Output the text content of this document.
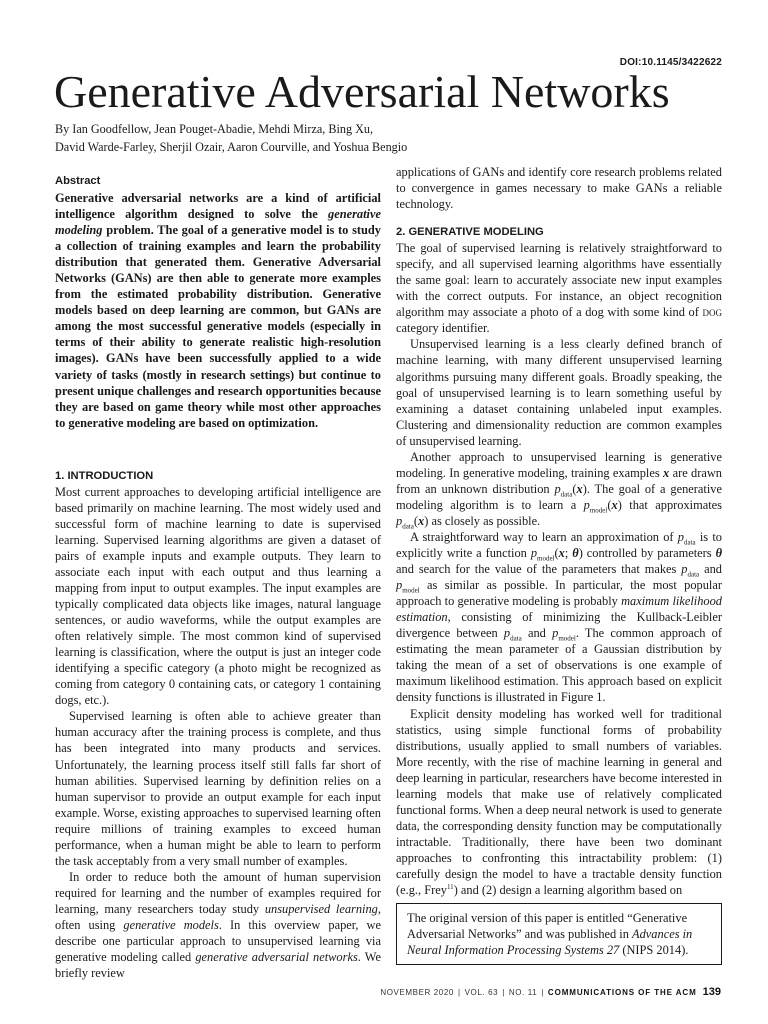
DOI:10.1145/3422622
Generative Adversarial Networks
By Ian Goodfellow, Jean Pouget-Abadie, Mehdi Mirza, Bing Xu,
David Warde-Farley, Sherjil Ozair, Aaron Courville, and Yoshua Bengio
Abstract

Generative adversarial networks are a kind of artificial intelligence algorithm designed to solve the generative modeling problem. The goal of a generative model is to study a collection of training examples and learn the probability distribution that generated them. Generative Adversarial Networks (GANs) are then able to generate more examples from the estimated probability distribution. Generative models based on deep learning are common, but GANs are among the most successful generative models (especially in terms of their ability to generate realistic high-resolution images). GANs have been successfully applied to a wide variety of tasks (mostly in research settings) but continue to present unique challenges and research opportunities because they are based on game theory while most other approaches to generative modeling are based on optimization.

1. INTRODUCTION

Most current approaches to developing artificial intelligence are based primarily on machine learning. The most widely used and successful form of machine learning to date is supervised learning. Supervised learning algorithms are given a dataset of pairs of example inputs and example outputs. They learn to associate each input with each output and thus learning a mapping from input to output examples. The input examples are typically complicated data objects like images, natural language sentences, or audio waveforms, while the output examples are often relatively simple. The most common kind of supervised learning is classification, where the output is just an integer code identifying a specific category (a photo might be recognized as coming from category 0 containing cats, or category 1 containing dogs, etc.).

Supervised learning is often able to achieve greater than human accuracy after the training process is complete, and thus has been integrated into many products and services. Unfortunately, the learning process itself still falls far short of human abilities. Supervised learning by definition relies on a human supervisor to provide an output example for each input example. Worse, existing approaches to supervised learning often require millions of training examples to exceed human performance, when a human might be able to learn to perform the task acceptably from a very small number of examples.

In order to reduce both the amount of human supervision required for learning and the number of examples required for learning, many researchers today study unsupervised learning, often using generative models. In this overview paper, we describe one particular approach to unsupervised learning via generative modeling called generative adversarial networks. We briefly review

applications of GANs and identify core research problems related to convergence in games necessary to make GANs a reliable technology.

2. GENERATIVE MODELING

The goal of supervised learning is relatively straightforward to specify, and all supervised learning algorithms have essentially the same goal: learn to accurately associate new input examples with the correct outputs. For instance, an object recognition algorithm may associate a photo of a dog with some kind of dog category identifier.

Unsupervised learning is a less clearly defined branch of machine learning, with many different unsupervised learning algorithms pursuing many different goals. Broadly speaking, the goal of unsupervised learning is to learn something useful by examining a dataset containing unlabeled input examples. Clustering and dimensionality reduction are common examples of unsupervised learning.

Another approach to unsupervised learning is generative modeling. In generative modeling, training examples x are drawn from an unknown distribution $p_{data}(x)$. The goal of a generative modeling algorithm is to learn a $p_{model}(x)$ that approximates $p_{data}(x)$ as closely as possible.

A straightforward way to learn an approximation of $p_{data}$ is to explicitly write a function $p_{model}(x$; θ) controlled by parameters θ and search for the value of the parameters that makes $p_{data}$ and $p_{model}$ as similar as possible. In particular, the most popular approach to generative modeling is probably maximum likelihood estimation, consisting of minimizing the Kullback-Leibler divergence between $p_{data}$ and $p_{model}$. The common approach of estimating the mean parameter of a Gaussian distribution by taking the mean of a set of observations is one example of maximum likelihood estimation. This approach based on explicit density functions is illustrated in Figure 1.

Explicit density modeling has worked well for traditional statistics, using simple functional forms of probability distributions, usually applied to small numbers of variables. More recently, with the rise of machine learning in general and deep learning in particular, researchers have become interested in learning models that make use of relatively complicated functional forms. When a deep neural network is used to generate data, the corresponding density function may be computationally intractable. Traditionally, there have been two dominant approaches to confronting this intractability problem: (1) carefully design the model to have a tractable density function (e.g., Frey$^{11}$) and (2) design a learning algorithm based on

The original version of this paper is entitled “Generative Adversarial Networks” and was published in Advances in Neural Information Processing Systems 27 (NIPS 2014).
NOVEMBER 2020 | VOL. 63 | NO. 11 | COMMUNICATIONS OF THE ACM 139
